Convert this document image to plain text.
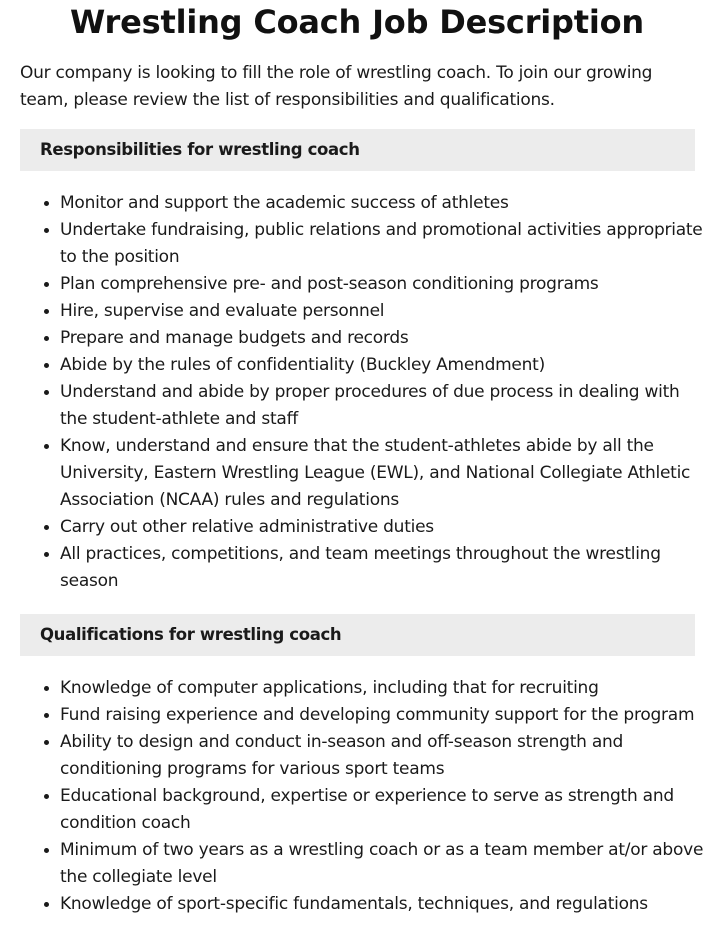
Wrestling Coach Job Description

Our company is looking to fill the role of wrestling coach. To join our growing team, please review the list of responsibilities and qualifications.

Responsibilities for wrestling coach
• Monitor and support the academic success of athletes
• Undertake fundraising, public relations and promotional activities appropriate to the position
• Plan comprehensive pre- and post-season conditioning programs
• Hire, supervise and evaluate personnel
• Prepare and manage budgets and records
• Abide by the rules of confidentiality (Buckley Amendment)
• Understand and abide by proper procedures of due process in dealing with the student-athlete and staff
• Know, understand and ensure that the student-athletes abide by all the University, Eastern Wrestling League (EWL), and National Collegiate Athletic Association (NCAA) rules and regulations
• Carry out other relative administrative duties
• All practices, competitions, and team meetings throughout the wrestling season
Qualifications for wrestling coach
• Knowledge of computer applications, including that for recruiting
• Fund raising experience and developing community support for the program
• Ability to design and conduct in-season and off-season strength and conditioning programs for various sport teams
• Educational background, expertise or experience to serve as strength and condition coach
• Minimum of two years as a wrestling coach or as a team member at/or above the collegiate level
• Knowledge of sport-specific fundamentals, techniques, and regulations
